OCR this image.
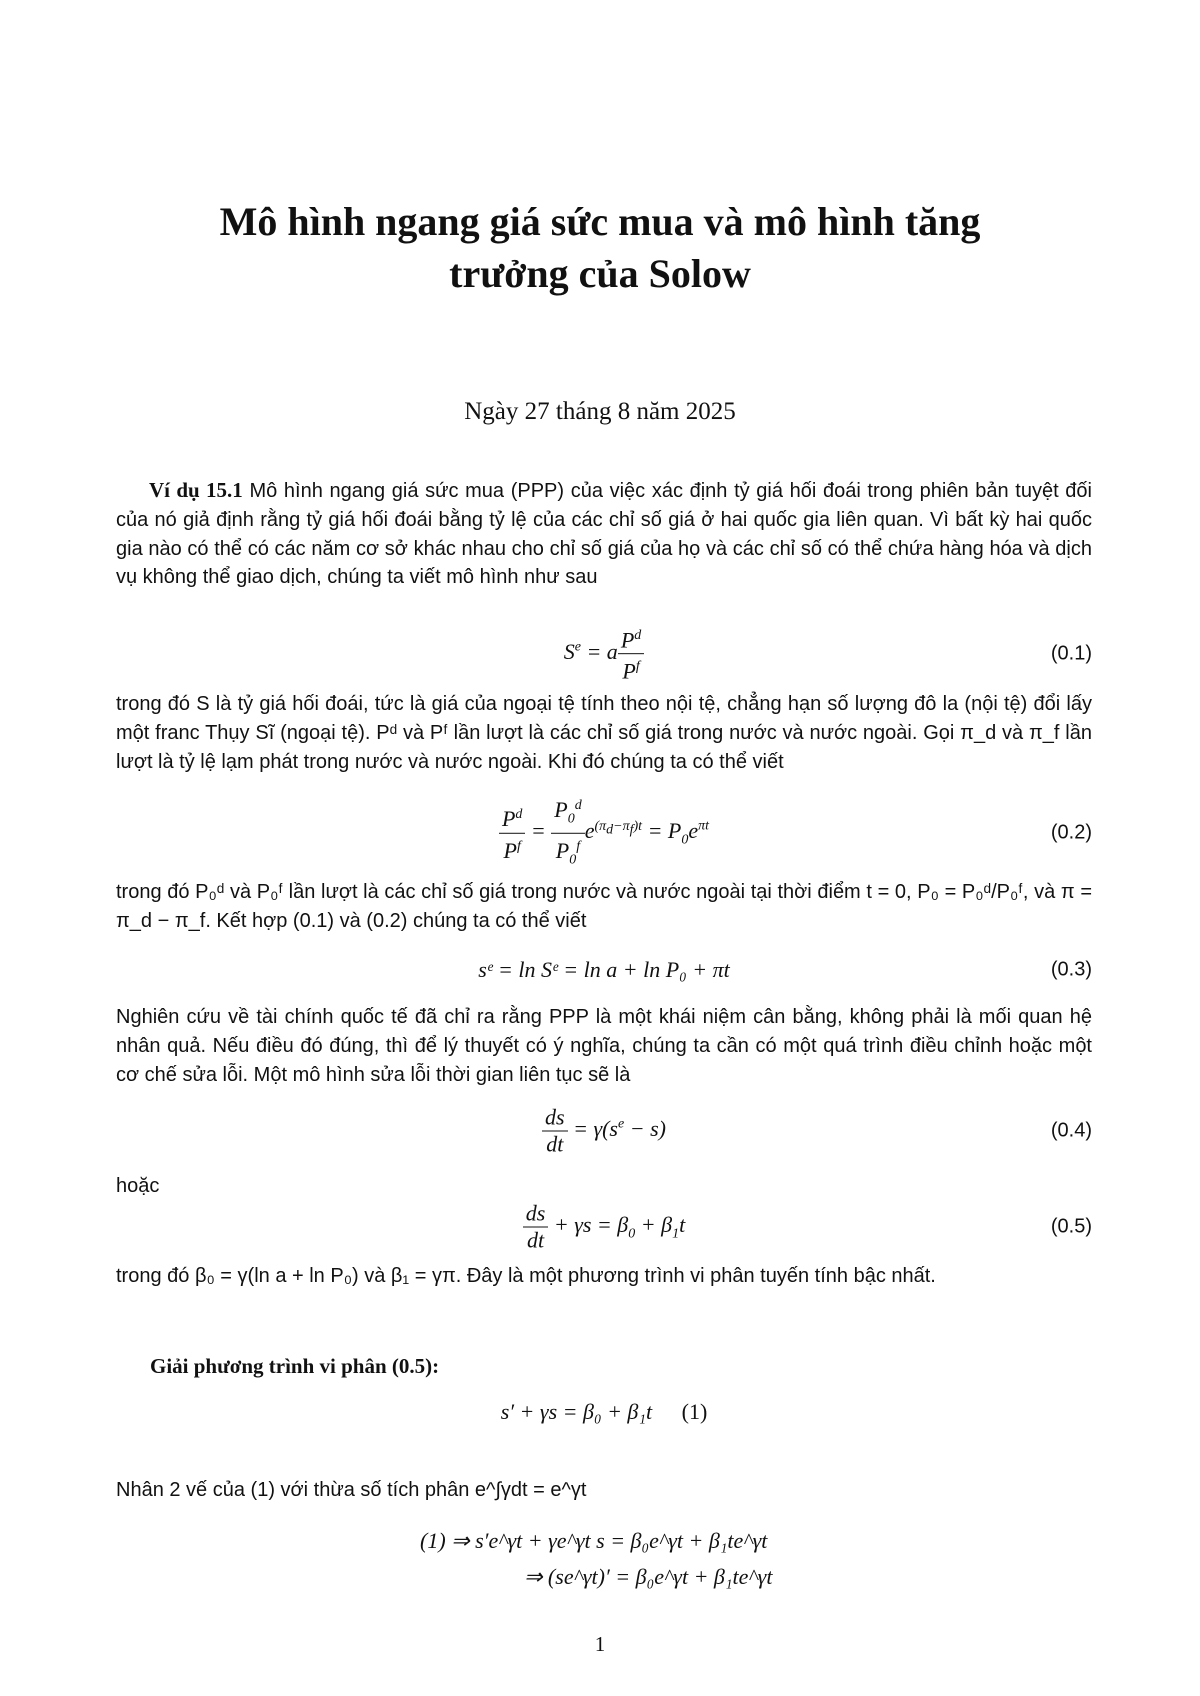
Mô hình ngang giá sức mua và mô hình tăng
trưởng của Solow
Ngày 27 tháng 8 năm 2025
Ví dụ 15.1 Mô hình ngang giá sức mua (PPP) của việc xác định tỷ giá hối đoái trong phiên bản tuyệt đối của nó giả định rằng tỷ giá hối đoái bằng tỷ lệ của các chỉ số giá ở hai quốc gia liên quan. Vì bất kỳ hai quốc gia nào có thể có các năm cơ sở khác nhau cho chỉ số giá của họ và các chỉ số có thể chứa hàng hóa và dịch vụ không thể giao dịch, chúng ta viết mô hình như sau
$S^e = a \frac{P^d}{P^f}$	(0.1)
trong đó S là tỷ giá hối đoái, tức là giá của ngoại tệ tính theo nội tệ, chẳng hạn số lượng đô la (nội tệ) đổi lấy một franc Thụy Sĩ (ngoại tệ). Pᵈ và Pᶠ lần lượt là các chỉ số giá trong nước và nước ngoài. Gọi π_d và π_f lần lượt là tỷ lệ lạm phát trong nước và nước ngoài. Khi đó chúng ta có thể viết
$\frac{P^d}{P^f} = \frac{P_0^d}{P_0^f} e^{(\pi_d-\pi_f)t} = P_0e^{\pi t}$	(0.2)
trong đó P₀ᵈ và P₀ᶠ lần lượt là các chỉ số giá trong nước và nước ngoài tại thời điểm t = 0, P₀ = P₀ᵈ/P₀ᶠ, và π = π_d − π_f. Kết hợp (0.1) và (0.2) chúng ta có thể viết
sᵉ = ln Sᵉ = ln a + ln P₀ + πt	(0.3)
Nghiên cứu về tài chính quốc tế đã chỉ ra rằng PPP là một khái niệm cân bằng, không phải là mối quan hệ nhân quả. Nếu điều đó đúng, thì để lý thuyết có ý nghĩa, chúng ta cần có một quá trình điều chỉnh hoặc một cơ chế sửa lỗi. Một mô hình sửa lỗi thời gian liên tục sẽ là
$\frac{ds}{dt} = \gamma(s^e - s)$	(0.4)
hoặc
$\frac{ds}{dt} + \gamma s = \beta_0 + \beta_1t$	(0.5)
trong đó β₀ = γ(ln a + ln P₀) và β₁ = γπ. Đây là một phương trình vi phân tuyến tính bậc nhất.
Giải phương trình vi phân (0.5):
s′ + γs = β₀ + β₁t (1)
Nhân 2 vế của (1) với thừa số tích phân e^∫γdt = e^γt
(1) ⇒ s′e^γt + γe^γt s = β₀e^γt + β₁te^γt
⇒ (se^γt)′ = β₀e^γt + β₁te^γt
1
